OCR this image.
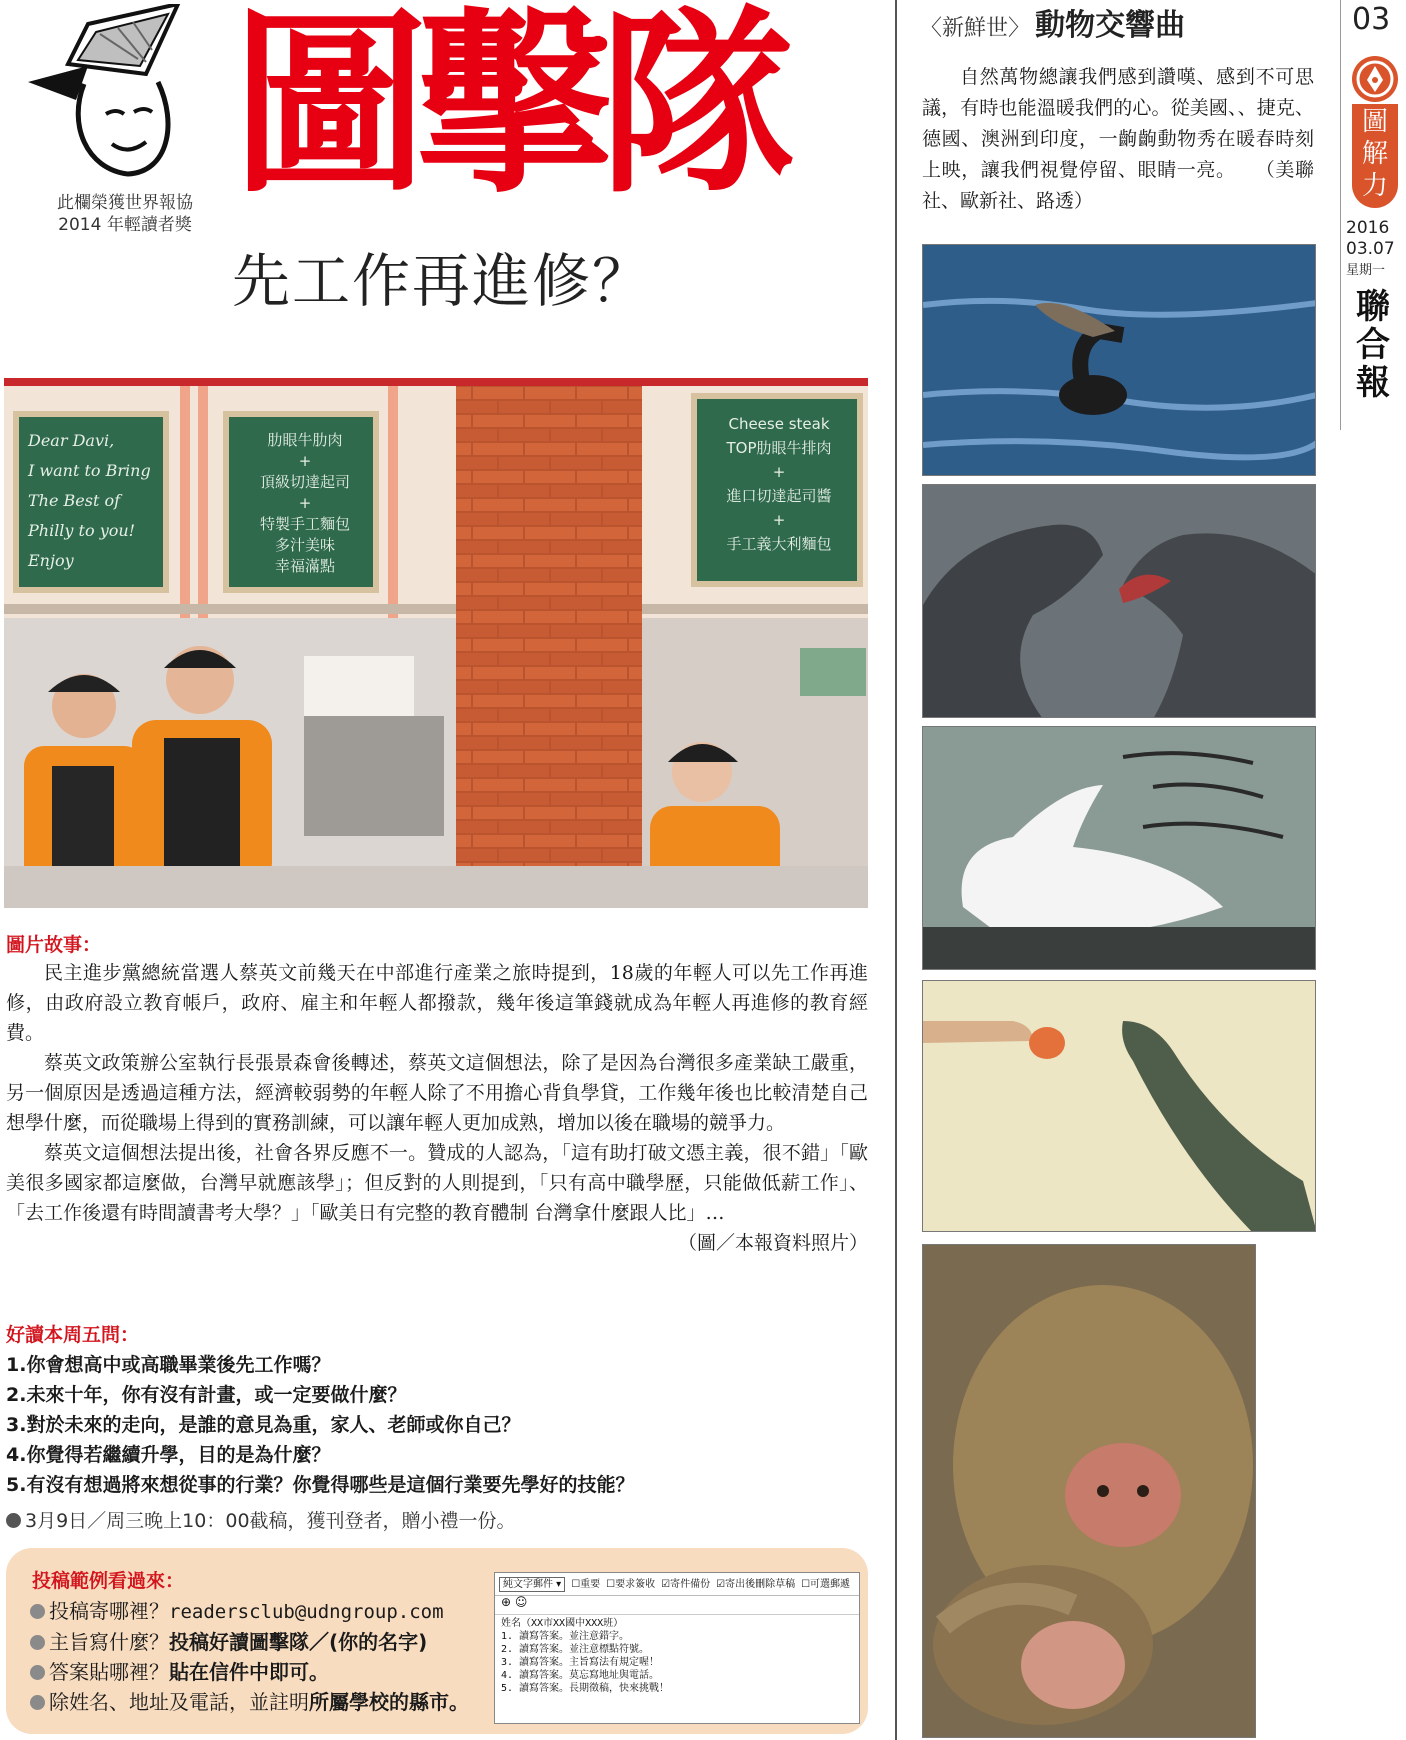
此欄榮獲世界報協
2014 年輕讀者獎
圖擊隊
先工作再進修？
Dear Davi,
I want to Bring
The Best of
Philly to you!
Enjoy
肋眼牛肋肉
+
頂級切達起司
+
特製手工麵包
多汁美味
幸福滿點
Cheese steak
TOP肋眼牛排肉
+
進口切達起司醬
+
手工義大利麵包
圖片故事：

民主進步黨總統當選人蔡英文前幾天在中部進行產業之旅時提到，18歲的年輕人可以先工作再進修，由政府設立教育帳戶，政府、雇主和年輕人都撥款，幾年後這筆錢就成為年輕人再進修的教育經費。

蔡英文政策辦公室執行長張景森會後轉述，蔡英文這個想法，除了是因為台灣很多產業缺工嚴重，另一個原因是透過這種方法，經濟較弱勢的年輕人除了不用擔心背負學貸，工作幾年後也比較清楚自己想學什麼，而從職場上得到的實務訓練，可以讓年輕人更加成熟，增加以後在職場的競爭力。

蔡英文這個想法提出後，社會各界反應不一。贊成的人認為，「這有助打破文憑主義，很不錯」「歐美很多國家都這麼做，台灣早就應該學」；但反對的人則提到，「只有高中職學歷，只能做低薪工作」、「去工作後還有時間讀書考大學？」「歐美日有完整的教育體制 台灣拿什麼跟人比」…

（圖／本報資料照片）

好讀本周五問：
1.你會想高中或高職畢業後先工作嗎？
2.未來十年，你有沒有計畫，或一定要做什麼？
3.對於未來的走向，是誰的意見為重，家人、老師或你自己？
4.你覺得若繼續升學，目的是為什麼？
5.有沒有想過將來想從事的行業？你覺得哪些是這個行業要先學好的技能？
3月9日／周三晚上10：00截稿，獲刊登者，贈小禮一份。
投稿範例看過來：
投稿寄哪裡？readersclub@udngroup.com
主旨寫什麼？投稿好讀圖擊隊／(你的名字)
答案貼哪裡？貼在信件中即可。
除姓名、地址及電話，並註明所屬學校的縣市。
純文字郵件 ▾	☐重要 ☐要求簽收 ☑寄件備份 ☑寄出後刪除草稿 ☐可選郵遞
⊕ ☺
姓名（XX市XX國中XXX班）
1. 讀寫答案。並注意錯字。
2. 讀寫答案。並注意標點符號。
3. 讀寫答案。主旨寫法有規定喔！
4. 讀寫答案。莫忘寫地址與電話。
5. 讀寫答案。長期徵稿，快來挑戰！
〈新鮮世〉 動物交響曲

自然萬物總讓我們感到讚嘆、感到不可思議，有時也能溫暖我們的心。從美國、、捷克、德國、澳洲到印度，一齣齣動物秀在暖春時刻上映，讓我們視覺停留、眼睛一亮。　　（美聯社、歐新社、路透）

03
圖
解
力
2016
03.07
星期一
聯
合
報
